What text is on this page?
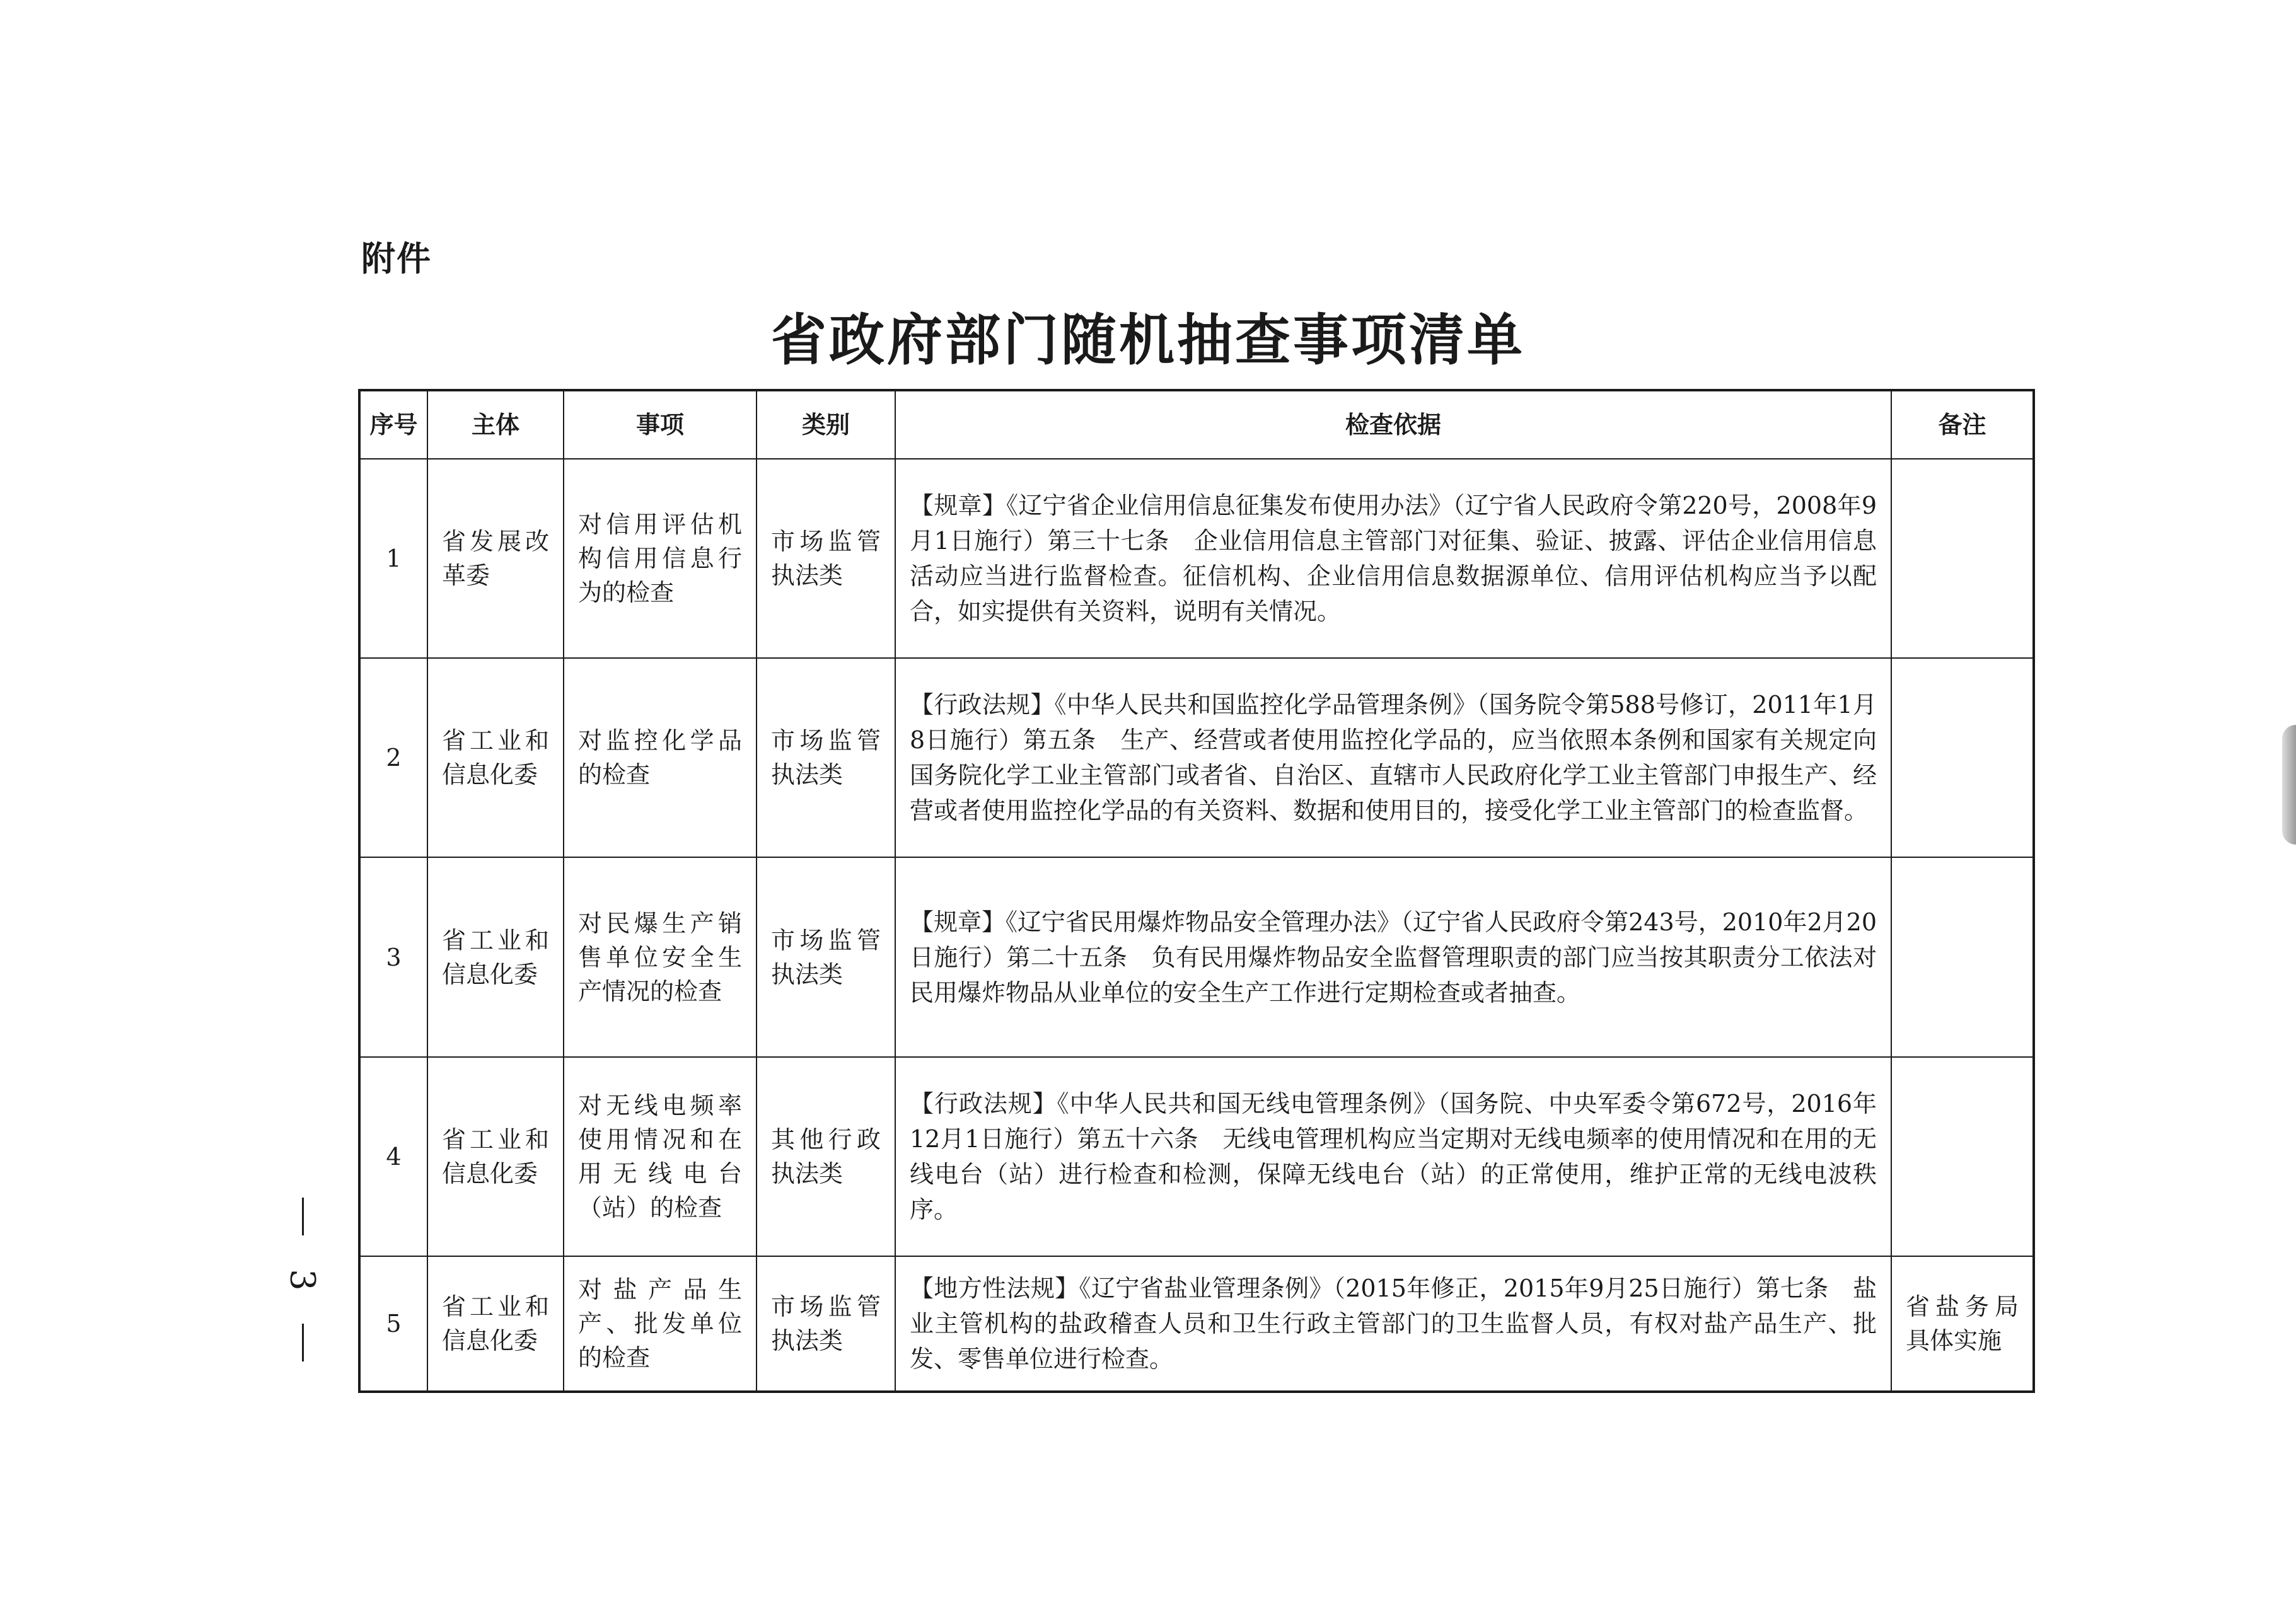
附件
省政府部门随机抽查事项清单
序号	主体	事项	类别	检查依据	备注
1	省发展改革委	对信用评估机构信用信息行为的检查	市场监管执法类	【规章】《辽宁省企业信用信息征集发布使用办法》（辽宁省人民政府令第220号，2008年9月1日施行）第三十七条　企业信用信息主管部门对征集、验证、披露、评估企业信用信息活动应当进行监督检查。征信机构、企业信用信息数据源单位、信用评估机构应当予以配合，如实提供有关资料，说明有关情况。	

2	省工业和信息化委	对监控化学品的检查	市场监管执法类	【行政法规】《中华人民共和国监控化学品管理条例》（国务院令第588号修订，2011年1月8日施行）第五条　生产、经营或者使用监控化学品的，应当依照本条例和国家有关规定向国务院化学工业主管部门或者省、自治区、直辖市人民政府化学工业主管部门申报生产、经营或者使用监控化学品的有关资料、数据和使用目的，接受化学工业主管部门的检查监督。	

3	省工业和信息化委	对民爆生产销售单位安全生产情况的检查	市场监管执法类	【规章】《辽宁省民用爆炸物品安全管理办法》（辽宁省人民政府令第243号，2010年2月20日施行）第二十五条　负有民用爆炸物品安全监督管理职责的部门应当按其职责分工依法对民用爆炸物品从业单位的安全生产工作进行定期检查或者抽查。	

4	省工业和信息化委	对无线电频率使用情况和在用无线电台（站）的检查	其他行政执法类	【行政法规】《中华人民共和国无线电管理条例》（国务院、中央军委令第672号，2016年12月1日施行）第五十六条　无线电管理机构应当定期对无线电频率的使用情况和在用的无线电台（站）进行检查和检测，保障无线电台（站）的正常使用，维护正常的无线电波秩序。	

5	省工业和信息化委	对盐产品生产、批发单位的检查	市场监管执法类	【地方性法规】《辽宁省盐业管理条例》（2015年修正，2015年9月25日施行）第七条　盐业主管机构的盐政稽查人员和卫生行政主管部门的卫生监督人员，有权对盐产品生产、批发、零售单位进行检查。	省盐务局具体实施
3
